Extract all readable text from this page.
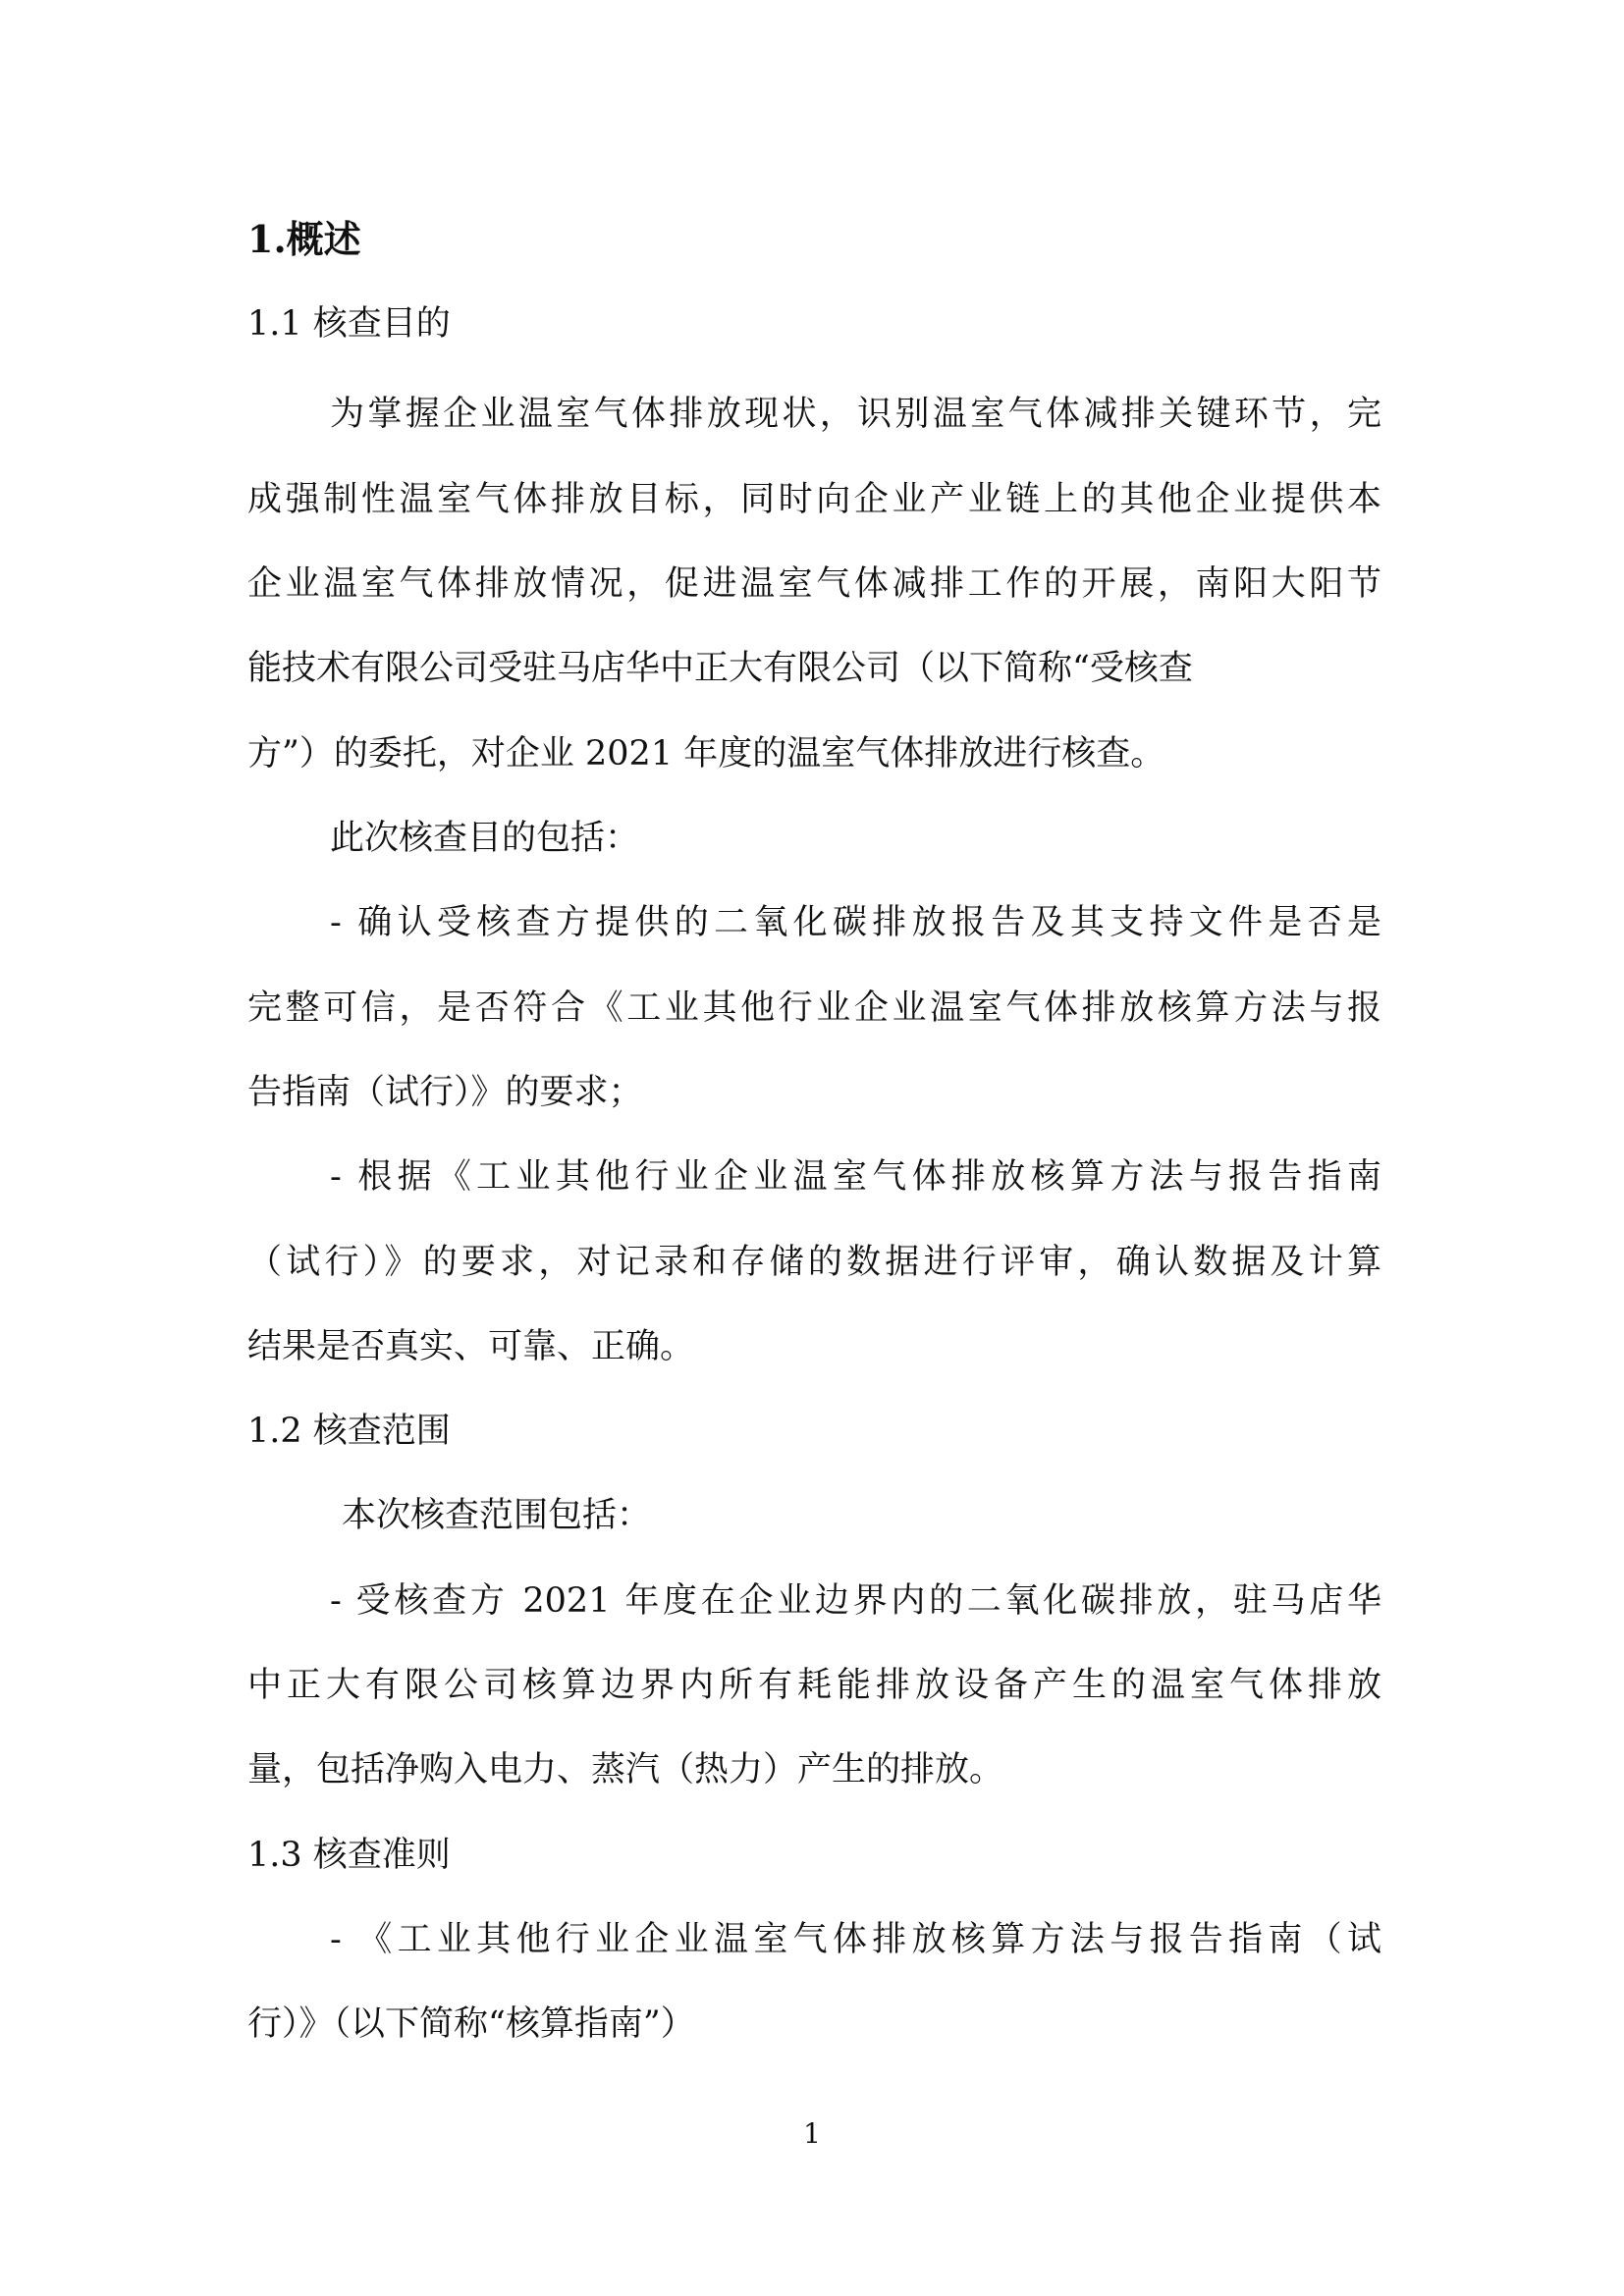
1.概述

1.1 核查目的

为掌握企业温室气体排放现状，识别温室气体减排关键环节，完

成强制性温室气体排放目标，同时向企业产业链上的其他企业提供本

企业温室气体排放情况，促进温室气体减排工作的开展，南阳大阳节

能技术有限公司受驻马店华中正大有限公司（以下简称“受核查

方”）的委托，对企业 2021 年度的温室气体排放进行核查。

此次核查目的包括：

- 确认受核查方提供的二氧化碳排放报告及其支持文件是否是

完整可信，是否符合《工业其他行业企业温室气体排放核算方法与报

告指南（试行）》的要求；

- 根据《工业其他行业企业温室气体排放核算方法与报告指南

（试行）》的要求，对记录和存储的数据进行评审，确认数据及计算

结果是否真实、可靠、正确。

1.2 核查范围

本次核查范围包括：

- 受核查方 2021 年度在企业边界内的二氧化碳排放，驻马店华

中正大有限公司核算边界内所有耗能排放设备产生的温室气体排放

量，包括净购入电力、蒸汽（热力）产生的排放。

1.3 核查准则

- 《工业其他行业企业温室气体排放核算方法与报告指南（试

行）》（以下简称“核算指南”）

1
